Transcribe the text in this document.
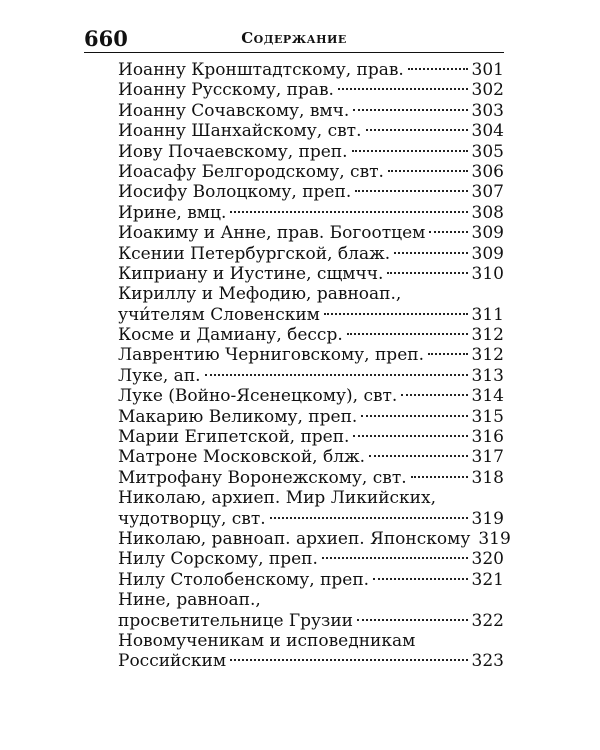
660	Содержание
Иоанну Кронштадтскому, прав.	301
Иоанну Русскому, прав.	302
Иоанну Сочавскому, вмч.	303
Иоанну Шанхайскому, свт.	304
Иову Почаевскому, преп.	305
Иоасафу Белгородскому, свт.	306
Иосифу Волоцкому, преп.	307
Ирине, вмц.	308
Иоакиму и Анне, прав. Богоотцем	309
Ксении Петербургской, блаж.	309
Киприану и Иустине, сщмчч.	310
Кириллу и Мефодию, равноап.,
учи́телям Словенским	311
Косме и Дамиану, бесср.	312
Лаврентию Черниговскому, преп.	312
Луке, ап.	313
Луке (Войно-Ясенецкому), свт.	314
Макарию Великому, преп.	315
Марии Египетской, преп.	316
Матроне Московской, блж.	317
Митрофану Воронежскому, свт.	318
Николаю, архиеп. Мир Ликийских,
чудотворцу, свт.	319
Николаю, равноап. архиеп. Японскому 319
Нилу Сорскому, преп.	320
Нилу Столобенскому, преп.	321
Нине, равноап.,
просветительнице Грузии	322
Новомученикам и исповедникам
Российским	323
